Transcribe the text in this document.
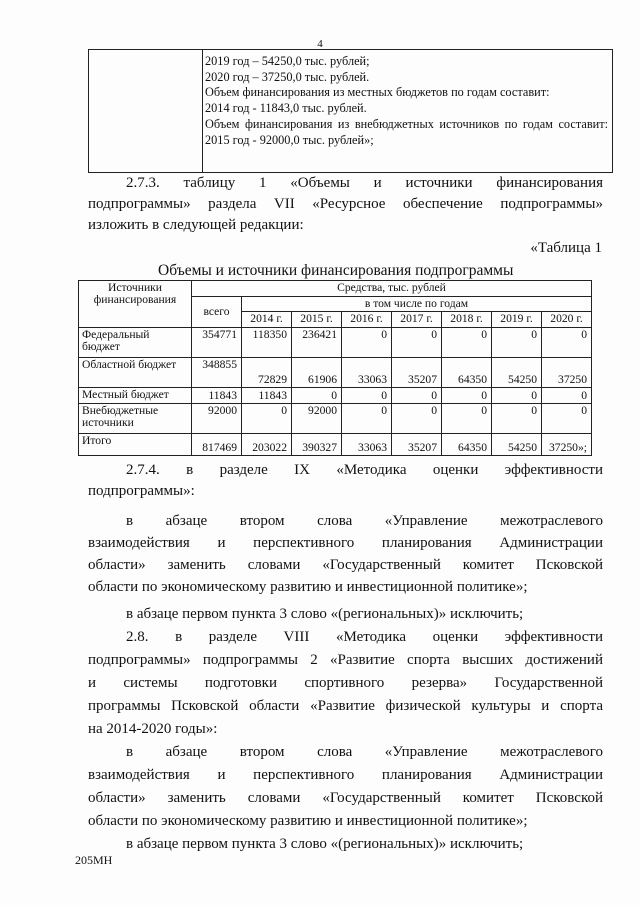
4
2019 год – 54250,0 тыс. рублей;
2020 год – 37250,0 тыс. рублей.
Объем финансирования из местных бюджетов по годам составит:
2014 год - 11843,0 тыс. рублей.
Объем финансирования из внебюджетных источников по годам составит:
2015 год - 92000,0 тыс. рублей»;
2.7.3. таблицу 1 «Объемы и источники финансирования
подпрограммы» раздела VII «Ресурсное обеспечение подпрограммы»
изложить в следующей редакции:
«Таблица 1
Объемы и источники финансирования подпрограммы
Источники финансирования	Средства, тыс. рублей							
	всего	в том числе по годам						
		2014 г.	2015 г.	2016 г.	2017 г.	2018 г.	2019 г.	2020 г.
Федеральный бюджет	354771	118350	236421	0	0	0	0	0
Областной бюджет	348855	72829	61906	33063	35207	64350	54250	37250
Местный бюджет	11843	11843	0	0	0	0	0	0
Внебюджетные источники	92000	0	92000	0	0	0	0	0
Итого	817469	203022	390327	33063	35207	64350	54250	37250»;
2.7.4. в разделе IX «Методика оценки эффективности
подпрограммы»:
в абзаце втором слова «Управление межотраслевого
взаимодействия и перспективного планирования Администрации
области» заменить словами «Государственный комитет Псковской
области по экономическому развитию и инвестиционной политике»;
в абзаце первом пункта 3 слово «(региональных)» исключить;
2.8. в разделе VIII «Методика оценки эффективности
подпрограммы» подпрограммы 2 «Развитие спорта высших достижений
и системы подготовки спортивного резерва» Государственной
программы Псковской области «Развитие физической культуры и спорта
на 2014-2020 годы»:
в абзаце втором слова «Управление межотраслевого
взаимодействия и перспективного планирования Администрации
области» заменить словами «Государственный комитет Псковской
области по экономическому развитию и инвестиционной политике»;
в абзаце первом пункта 3 слово «(региональных)» исключить;
205МН
